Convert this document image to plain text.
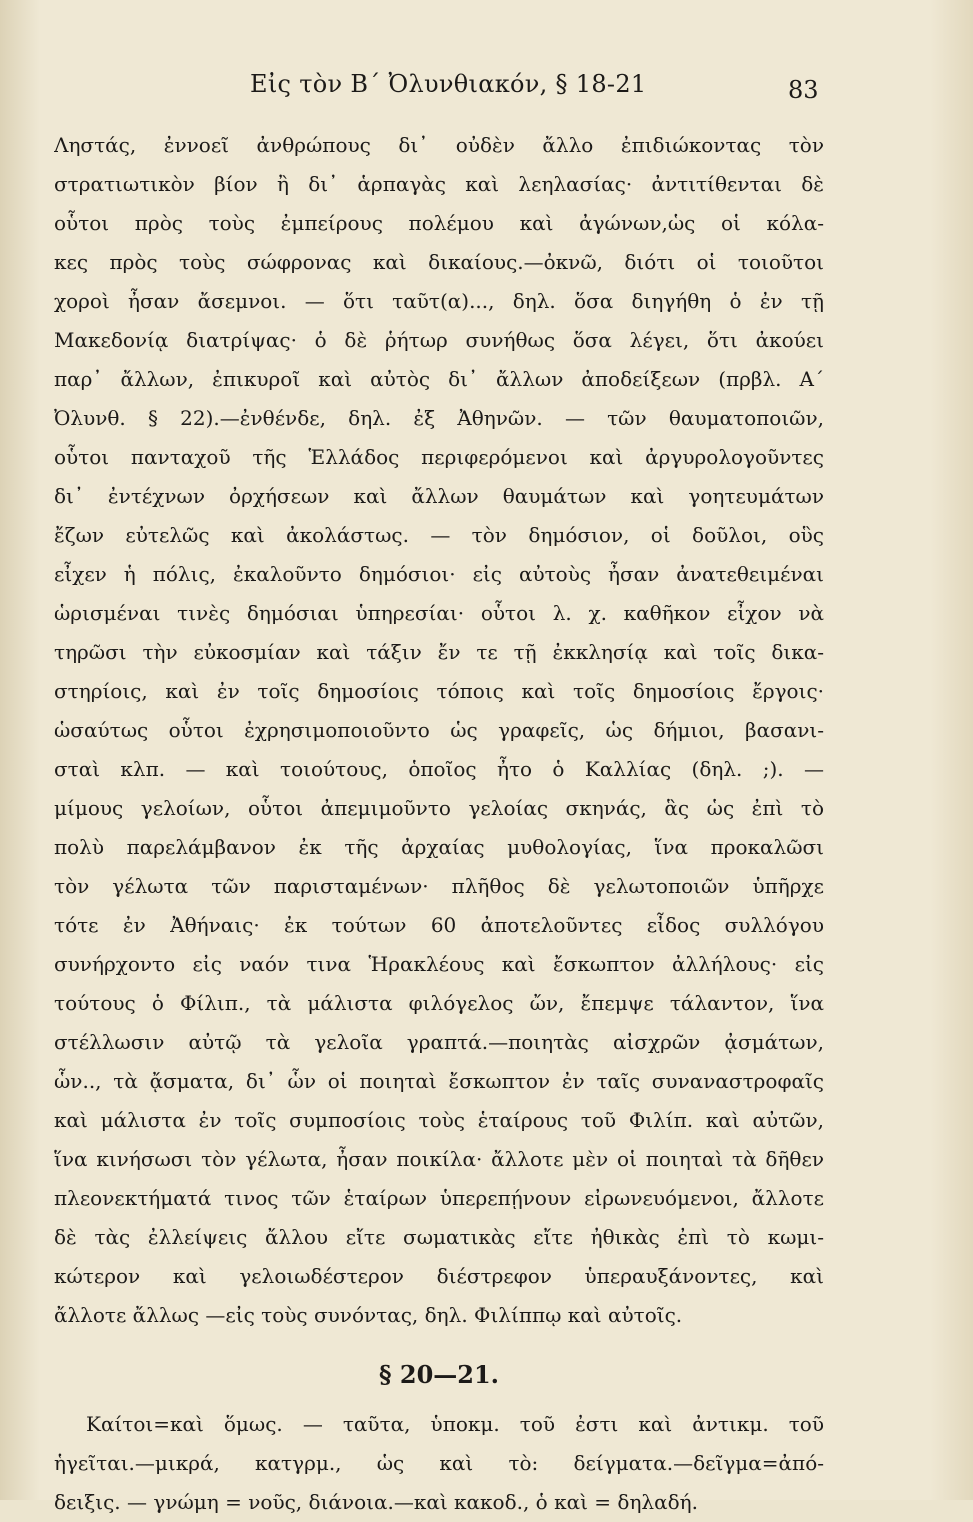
Εἰς τὸν Β΄ Ὀλυνθιακόν, § 18-21	83
Ληστάς, ἐννοεῖ ἀνθρώπους δι᾽ οὐδὲν ἄλλο ἐπιδιώκοντας τὸν
στρατιωτικὸν βίον ἢ δι᾽ ἁρπαγὰς καὶ λεηλασίας· ἀντιτίθενται δὲ
οὗτοι πρὸς τοὺς ἐμπείρους πολέμου καὶ ἀγώνων,ὡς οἱ κόλα-
κες πρὸς τοὺς σώφρονας καὶ δικαίους.—ὀκνῶ, διότι οἱ τοιοῦτοι
χοροὶ ἦσαν ἄσεμνοι. — ὅτι ταῦτ(α)..., δηλ. ὅσα διηγήθη ὁ ἐν τῇ
Μακεδονίᾳ διατρίψας· ὁ δὲ ῥήτωρ συνήθως ὅσα λέγει, ὅτι ἀκούει
παρ᾽ ἄλλων, ἐπικυροῖ καὶ αὐτὸς δι᾽ ἄλλων ἀποδείξεων (πρβλ. Α΄
Ὀλυνθ. § 22).—ἐνθένδε, δηλ. ἐξ Ἀθηνῶν. — τῶν θαυματοποιῶν,
οὗτοι πανταχοῦ τῆς Ἑλλάδος περιφερόμενοι καὶ ἀργυρολογοῦντες
δι᾽ ἐντέχνων ὀρχήσεων καὶ ἄλλων θαυμάτων καὶ γοητευμάτων
ἔζων εὐτελῶς καὶ ἀκολάστως. — τὸν δημόσιον, οἱ δοῦλοι, οὓς
εἶχεν ἡ πόλις, ἐκαλοῦντο δημόσιοι· εἰς αὐτοὺς ἦσαν ἀνατεθειμέναι
ὡρισμέναι τινὲς δημόσιαι ὑπηρεσίαι· οὗτοι λ. χ. καθῆκον εἶχον νὰ
τηρῶσι τὴν εὐκοσμίαν καὶ τάξιν ἔν τε τῇ ἐκκλησίᾳ καὶ τοῖς δικα-
στηρίοις, καὶ ἐν τοῖς δημοσίοις τόποις καὶ τοῖς δημοσίοις ἔργοις·
ὡσαύτως οὗτοι ἐχρησιμοποιοῦντο ὡς γραφεῖς, ὡς δήμιοι, βασανι-
σταὶ κλπ. — καὶ τοιούτους, ὁποῖος ἦτο ὁ Καλλίας (δηλ. ;). —
μίμους γελοίων, οὗτοι ἀπεμιμοῦντο γελοίας σκηνάς, ἃς ὡς ἐπὶ τὸ
πολὺ παρελάμβανον ἐκ τῆς ἀρχαίας μυθολογίας, ἵνα προκαλῶσι
τὸν γέλωτα τῶν παρισταμένων· πλῆθος δὲ γελωτοποιῶν ὑπῆρχε
τότε ἐν Ἀθήναις· ἐκ τούτων 60 ἀποτελοῦντες εἶδος συλλόγου
συνήρχοντο εἰς ναόν τινα Ἡρακλέους καὶ ἔσκωπτον ἀλλήλους· εἰς
τούτους ὁ Φίλιπ., τὰ μάλιστα φιλόγελος ὤν, ἔπεμψε τάλαντον, ἵνα
στέλλωσιν αὐτῷ τὰ γελοῖα γραπτά.—ποιητὰς αἰσχρῶν ᾀσμάτων,
ὧν.., τὰ ᾄσματα, δι᾽ ὧν οἱ ποιηταὶ ἔσκωπτον ἐν ταῖς συναναστροφαῖς
καὶ μάλιστα ἐν τοῖς συμποσίοις τοὺς ἑταίρους τοῦ Φιλίπ. καὶ αὐτῶν,
ἵνα κινήσωσι τὸν γέλωτα, ἦσαν ποικίλα· ἄλλοτε μὲν οἱ ποιηταὶ τὰ δῆθεν
πλεονεκτήματά τινος τῶν ἑταίρων ὑπερεπῄνουν εἰρωνευόμενοι, ἄλλοτε
δὲ τὰς ἐλλείψεις ἄλλου εἴτε σωματικὰς εἴτε ἠθικὰς ἐπὶ τὸ κωμι-
κώτερον καὶ γελοιωδέστερον διέστρεφον ὑπεραυξάνοντες, καὶ
ἄλλοτε ἄλλως —εἰς τοὺς συνόντας, δηλ. Φιλίππῳ καὶ αὐτοῖς.
§ 20—21.
Καίτοι=καὶ ὅμως. — ταῦτα, ὑποκμ. τοῦ ἐστι καὶ ἀντικμ. τοῦ
ἡγεῖται.—μικρά, κατγρμ., ὡς καὶ τὸ: δείγματα.—δεῖγμα=ἀπό-
δειξις. — γνώμη = νοῦς, διάνοια.—καὶ κακοδ., ὁ καὶ = δηλαδή.
